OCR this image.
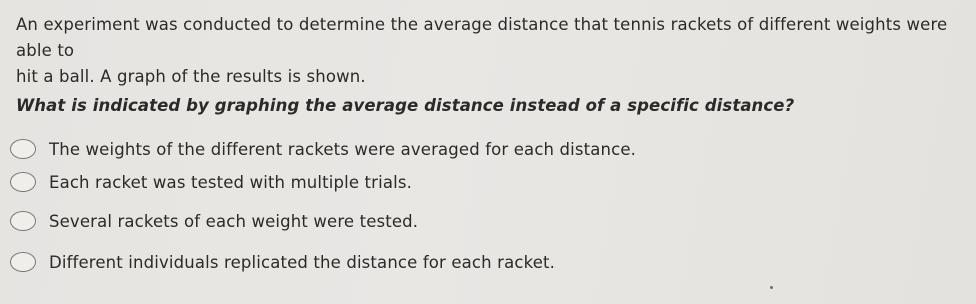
An experiment was conducted to determine the average distance that tennis rackets of different weights were able to
hit a ball. A graph of the results is shown.

What is indicated by graphing the average distance instead of a specific distance?

The weights of the different rackets were averaged for each distance.
Each racket was tested with multiple trials.
Several rackets of each weight were tested.
Different individuals replicated the distance for each racket.
